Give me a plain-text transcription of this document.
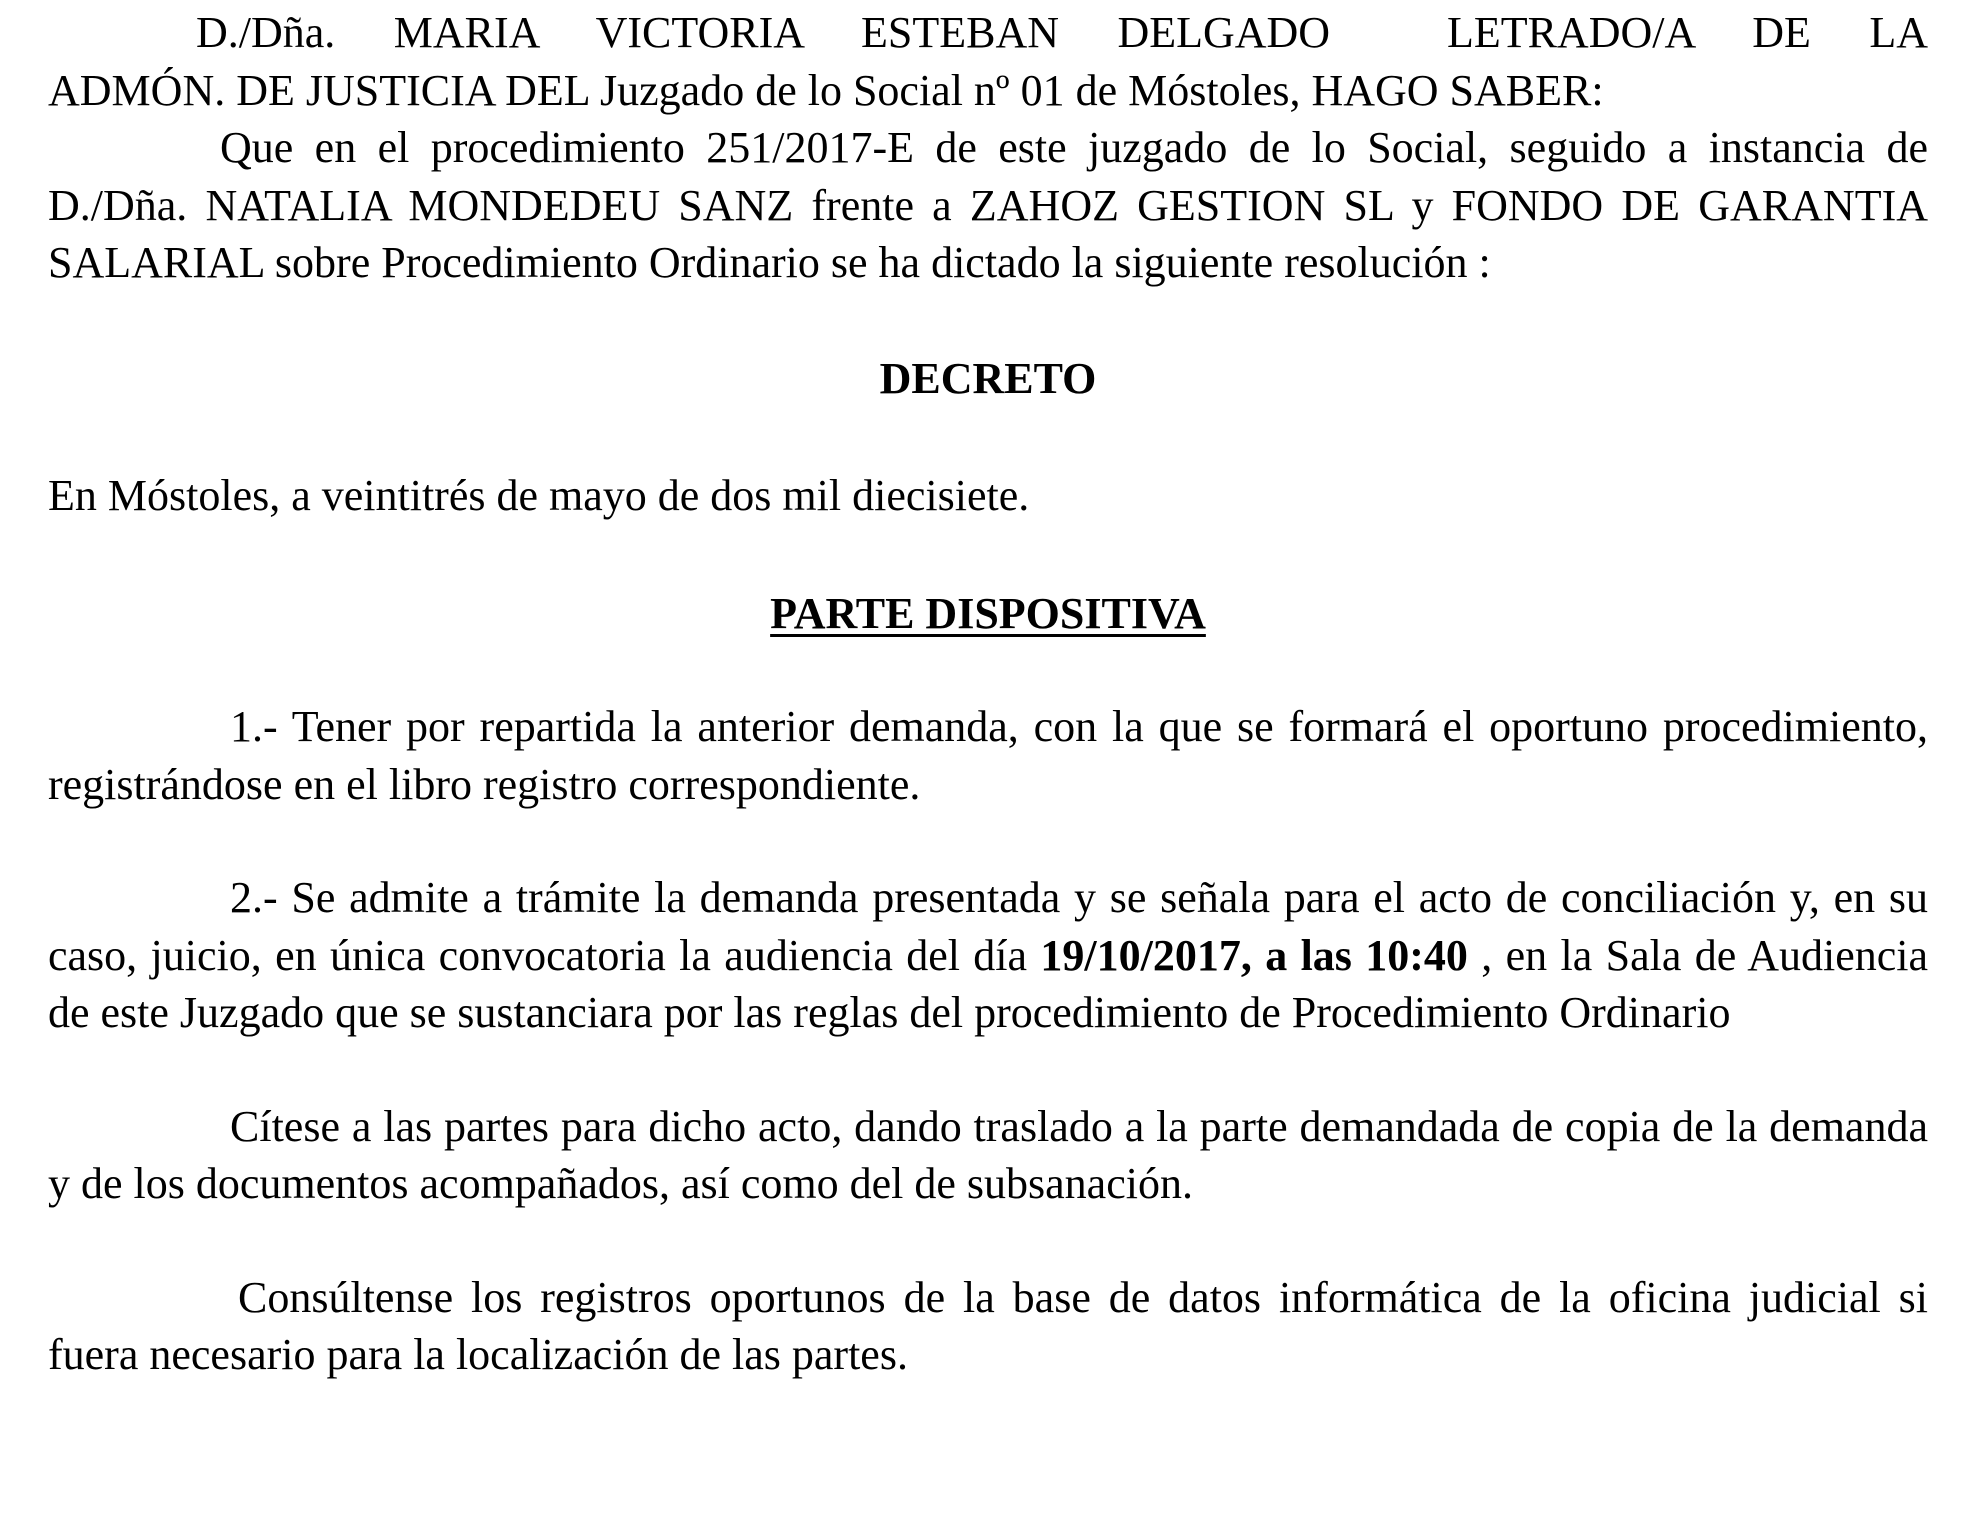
D./Dña. MARIA VICTORIA ESTEBAN DELGADO  LETRADO/A DE LA

ADMÓN. DE JUSTICIA DEL Juzgado de lo Social nº 01 de Móstoles, HAGO SABER:

Que en el procedimiento 251/2017-E de este juzgado de lo Social, seguido a instancia de D./Dña. NATALIA MONDEDEU SANZ frente a ZAHOZ GESTION SL y FONDO DE GARANTIA SALARIAL sobre Procedimiento Ordinario se ha dictado la siguiente resolución :

DECRETO

En Móstoles, a veintitrés de mayo de dos mil diecisiete.

PARTE DISPOSITIVA

1.- Tener por repartida la anterior demanda, con la que se formará el oportuno procedimiento, registrándose en el libro registro correspondiente.

2.- Se admite a trámite la demanda presentada y se señala para el acto de conciliación y, en su caso, juicio, en única convocatoria la audiencia del día 19/10/2017, a las 10:40 , en la Sala de Audiencia de este Juzgado que se sustanciara por las reglas del procedimiento de Procedimiento Ordinario

Cítese a las partes para dicho acto, dando traslado a la parte demandada de copia de la demanda y de los documentos acompañados, así como del de subsanación.

Consúltense los registros oportunos de la base de datos informática de la oficina judicial si fuera necesario para la localización de las partes.
